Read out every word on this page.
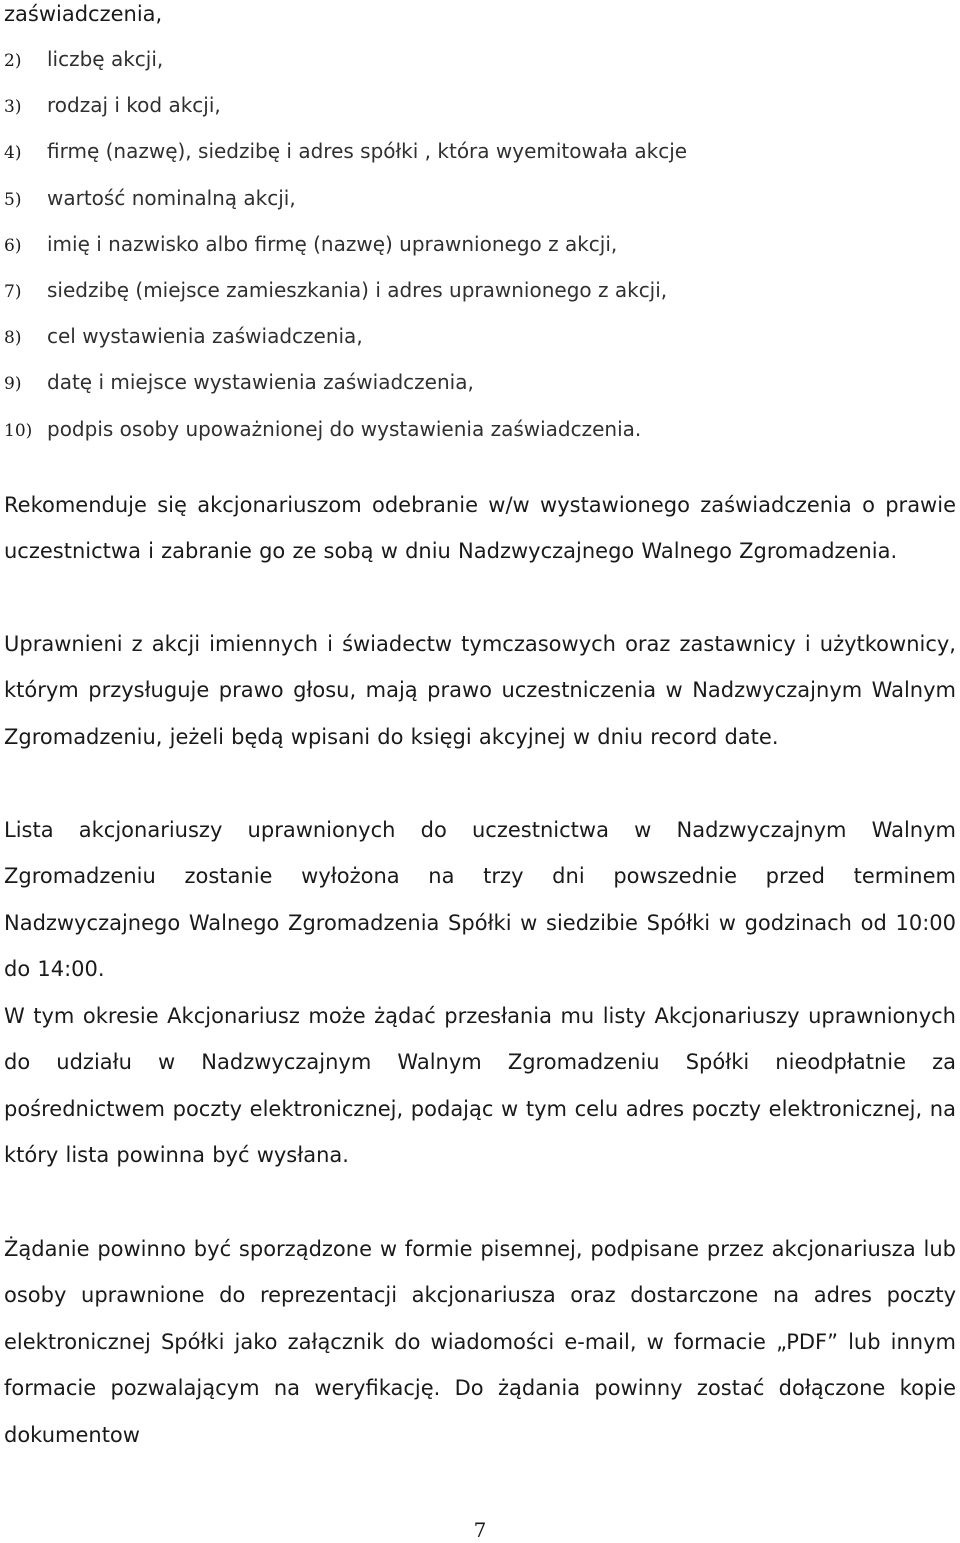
zaświadczenia,
2) liczbę akcji,
3) rodzaj i kod akcji,
4) firmę (nazwę), siedzibę i adres spółki , która wyemitowała akcje
5) wartość nominalną akcji,
6) imię i nazwisko albo firmę (nazwę) uprawnionego z akcji,
7) siedzibę (miejsce zamieszkania) i adres uprawnionego z akcji,
8) cel wystawienia zaświadczenia,
9) datę i miejsce wystawienia zaświadczenia,
10) podpis osoby upoważnionej do wystawienia zaświadczenia.

Rekomenduje się akcjonariuszom odebranie w/w wystawionego zaświadczenia o prawie uczestnictwa i zabranie go ze sobą w dniu Nadzwyczajnego Walnego Zgromadzenia.

Uprawnieni z akcji imiennych i świadectw tymczasowych oraz zastawnicy i użytkownicy, którym przysługuje prawo głosu, mają prawo uczestniczenia w Nadzwyczajnym Walnym Zgromadzeniu, jeżeli będą wpisani do księgi akcyjnej w dniu record date.

Lista akcjonariuszy uprawnionych do uczestnictwa w Nadzwyczajnym Walnym Zgromadzeniu zostanie wyłożona na trzy dni powszednie przed terminem Nadzwyczajnego Walnego Zgromadzenia Spółki w siedzibie Spółki w godzinach od 10:00 do 14:00.

W tym okresie Akcjonariusz może żądać przesłania mu listy Akcjonariuszy uprawnionych do udziału w Nadzwyczajnym Walnym Zgromadzeniu Spółki nieodpłatnie za pośrednictwem poczty elektronicznej, podając w tym celu adres poczty elektronicznej, na który lista powinna być wysłana.

Żądanie powinno być sporządzone w formie pisemnej, podpisane przez akcjonariusza lub osoby uprawnione do reprezentacji akcjonariusza oraz dostarczone na adres poczty elektronicznej Spółki jako załącznik do wiadomości e-mail, w formacie „PDF” lub innym formacie pozwalającym na weryfikację. Do żądania powinny zostać dołączone kopie dokumentow

7
